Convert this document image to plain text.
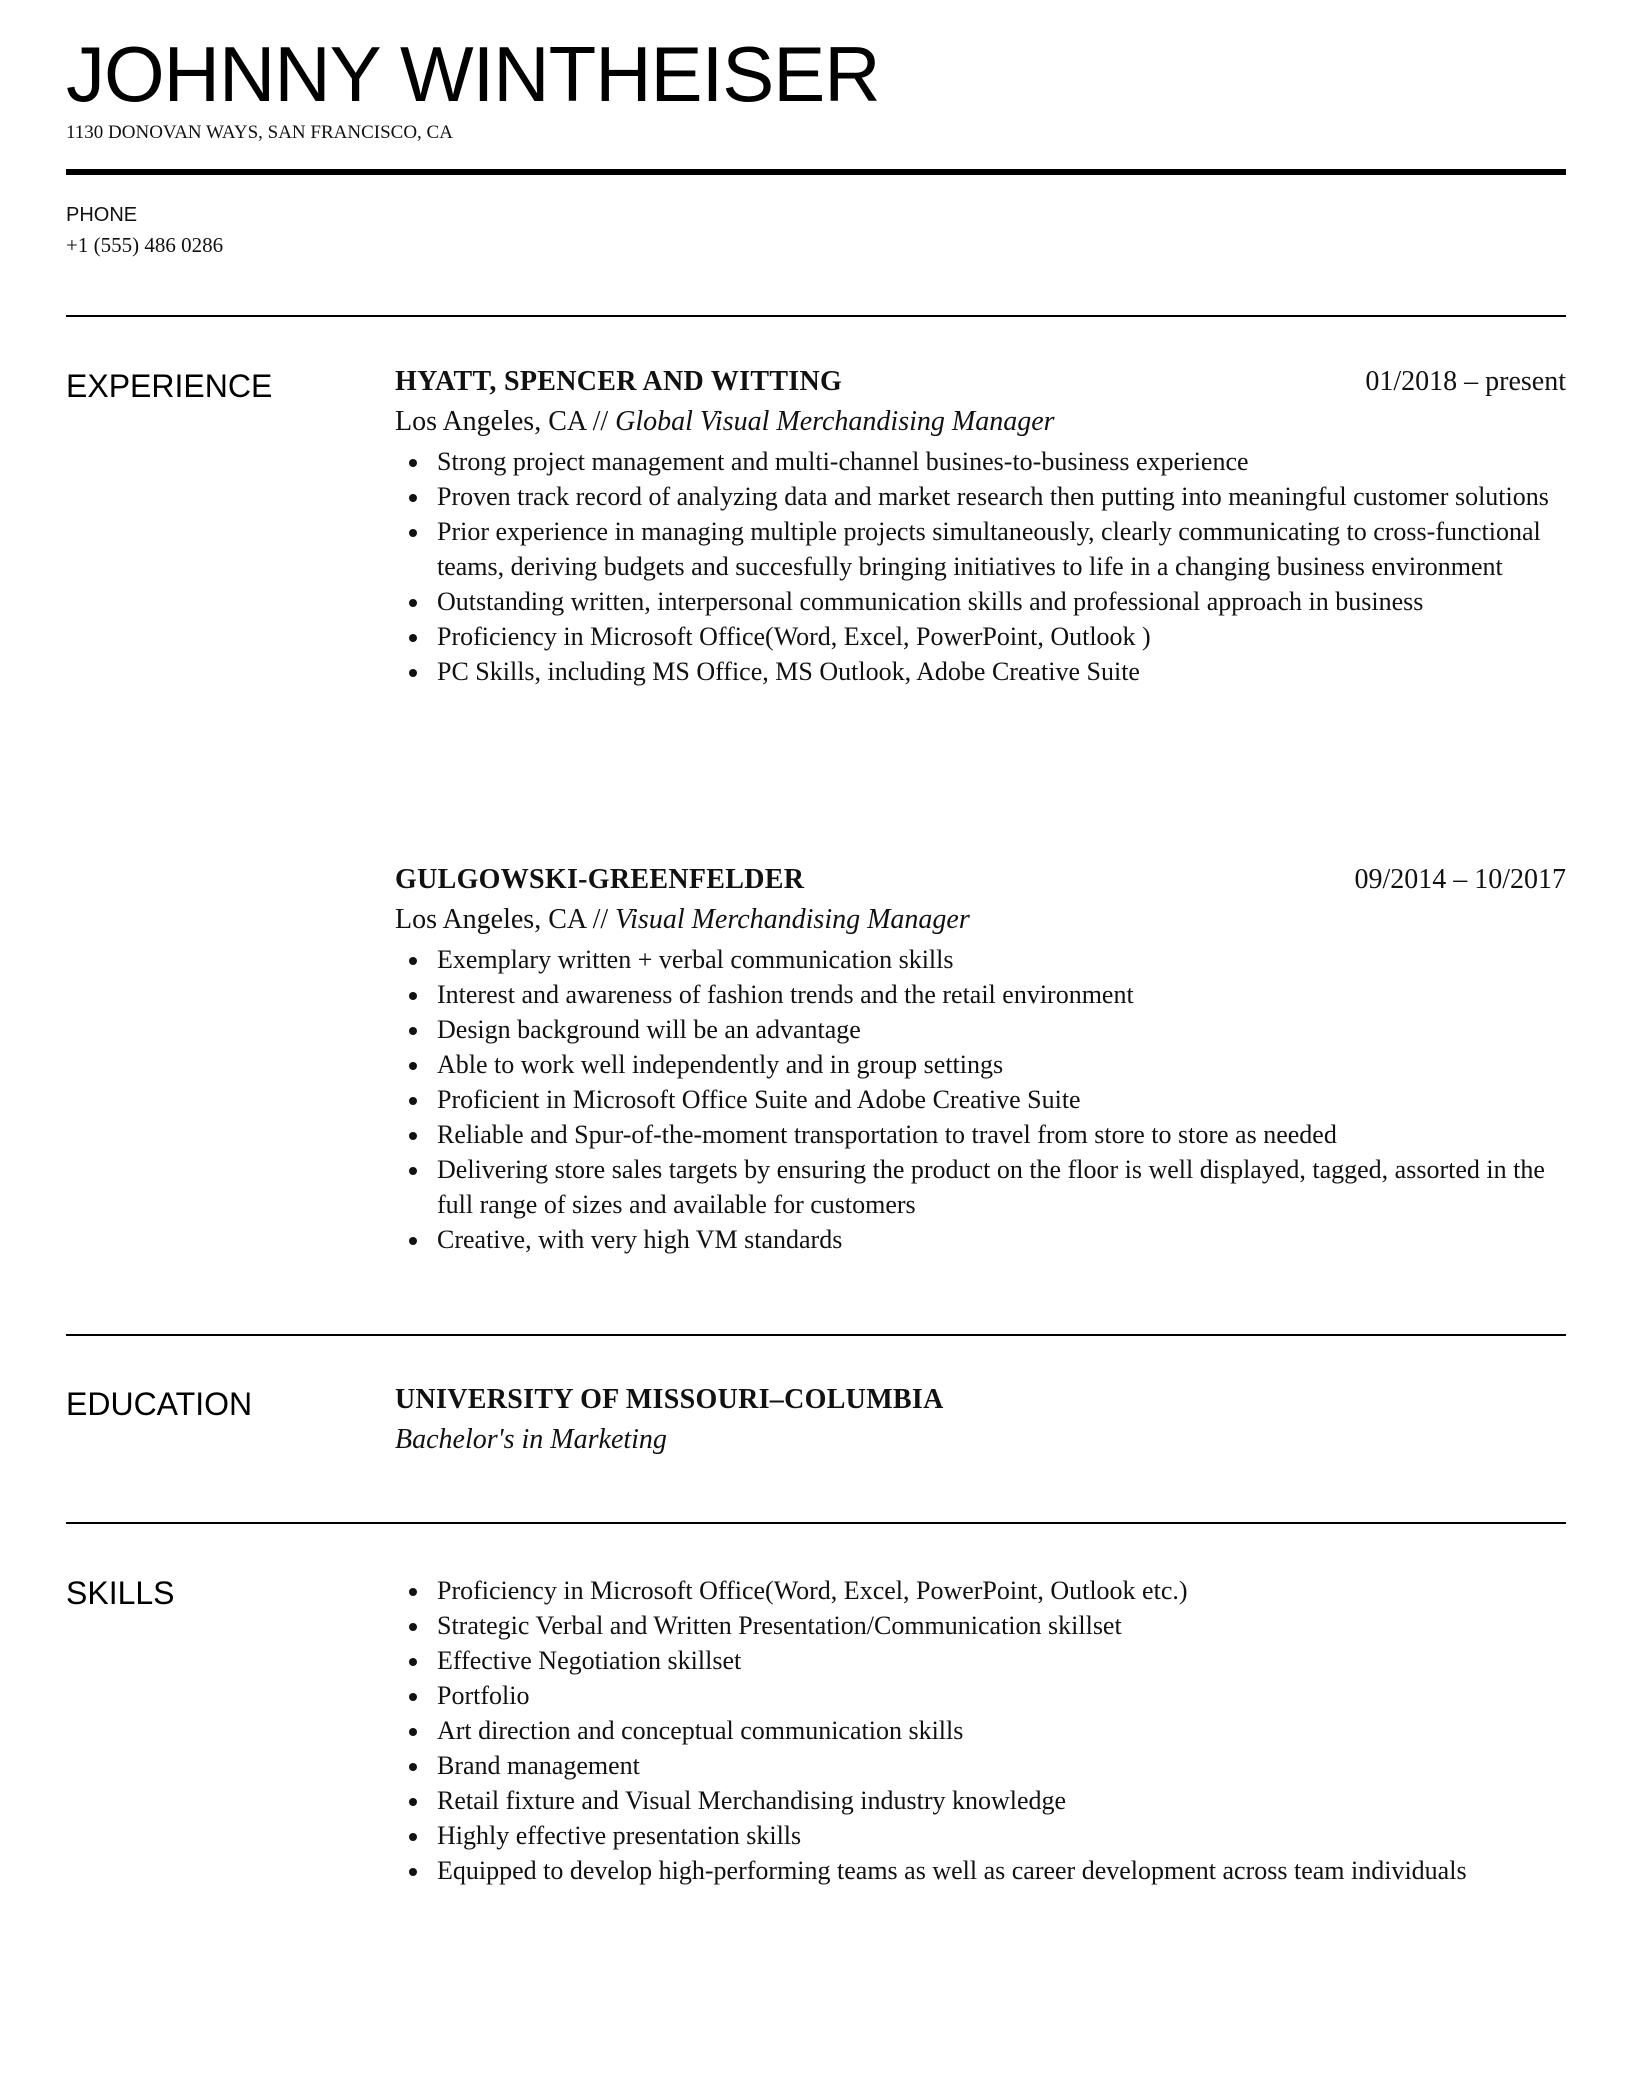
JOHNNY WINTHEISER
1130 DONOVAN WAYS, SAN FRANCISCO, CA
PHONE
+1 (555) 486 0286
EXPERIENCE	HYATT, SPENCER AND WITTING	01/2018 – present
Los Angeles, CA // Global Visual Merchandising Manager
Strong project management and multi-channel busines-to-business experience
Proven track record of analyzing data and market research then putting into meaningful customer solutions
Prior experience in managing multiple projects simultaneously, clearly communicating to cross-functional teams, deriving budgets and succesfully bringing initiatives to life in a changing business environment
Outstanding written, interpersonal communication skills and professional approach in business
Proficiency in Microsoft Office(Word, Excel, PowerPoint, Outlook )
PC Skills, including MS Office, MS Outlook, Adobe Creative Suite
GULGOWSKI-GREENFELDER	09/2014 – 10/2017
Los Angeles, CA // Visual Merchandising Manager
Exemplary written + verbal communication skills
Interest and awareness of fashion trends and the retail environment
Design background will be an advantage
Able to work well independently and in group settings
Proficient in Microsoft Office Suite and Adobe Creative Suite
Reliable and Spur-of-the-moment transportation to travel from store to store as needed
Delivering store sales targets by ensuring the product on the floor is well displayed, tagged, assorted in the full range of sizes and available for customers
Creative, with very high VM standards
EDUCATION	UNIVERSITY OF MISSOURI–COLUMBIA
Bachelor's in Marketing
SKILLS	Proficiency in Microsoft Office(Word, Excel, PowerPoint, Outlook etc.)
Strategic Verbal and Written Presentation/Communication skillset
Effective Negotiation skillset
Portfolio
Art direction and conceptual communication skills
Brand management
Retail fixture and Visual Merchandising industry knowledge
Highly effective presentation skills
Equipped to develop high-performing teams as well as career development across team individuals
